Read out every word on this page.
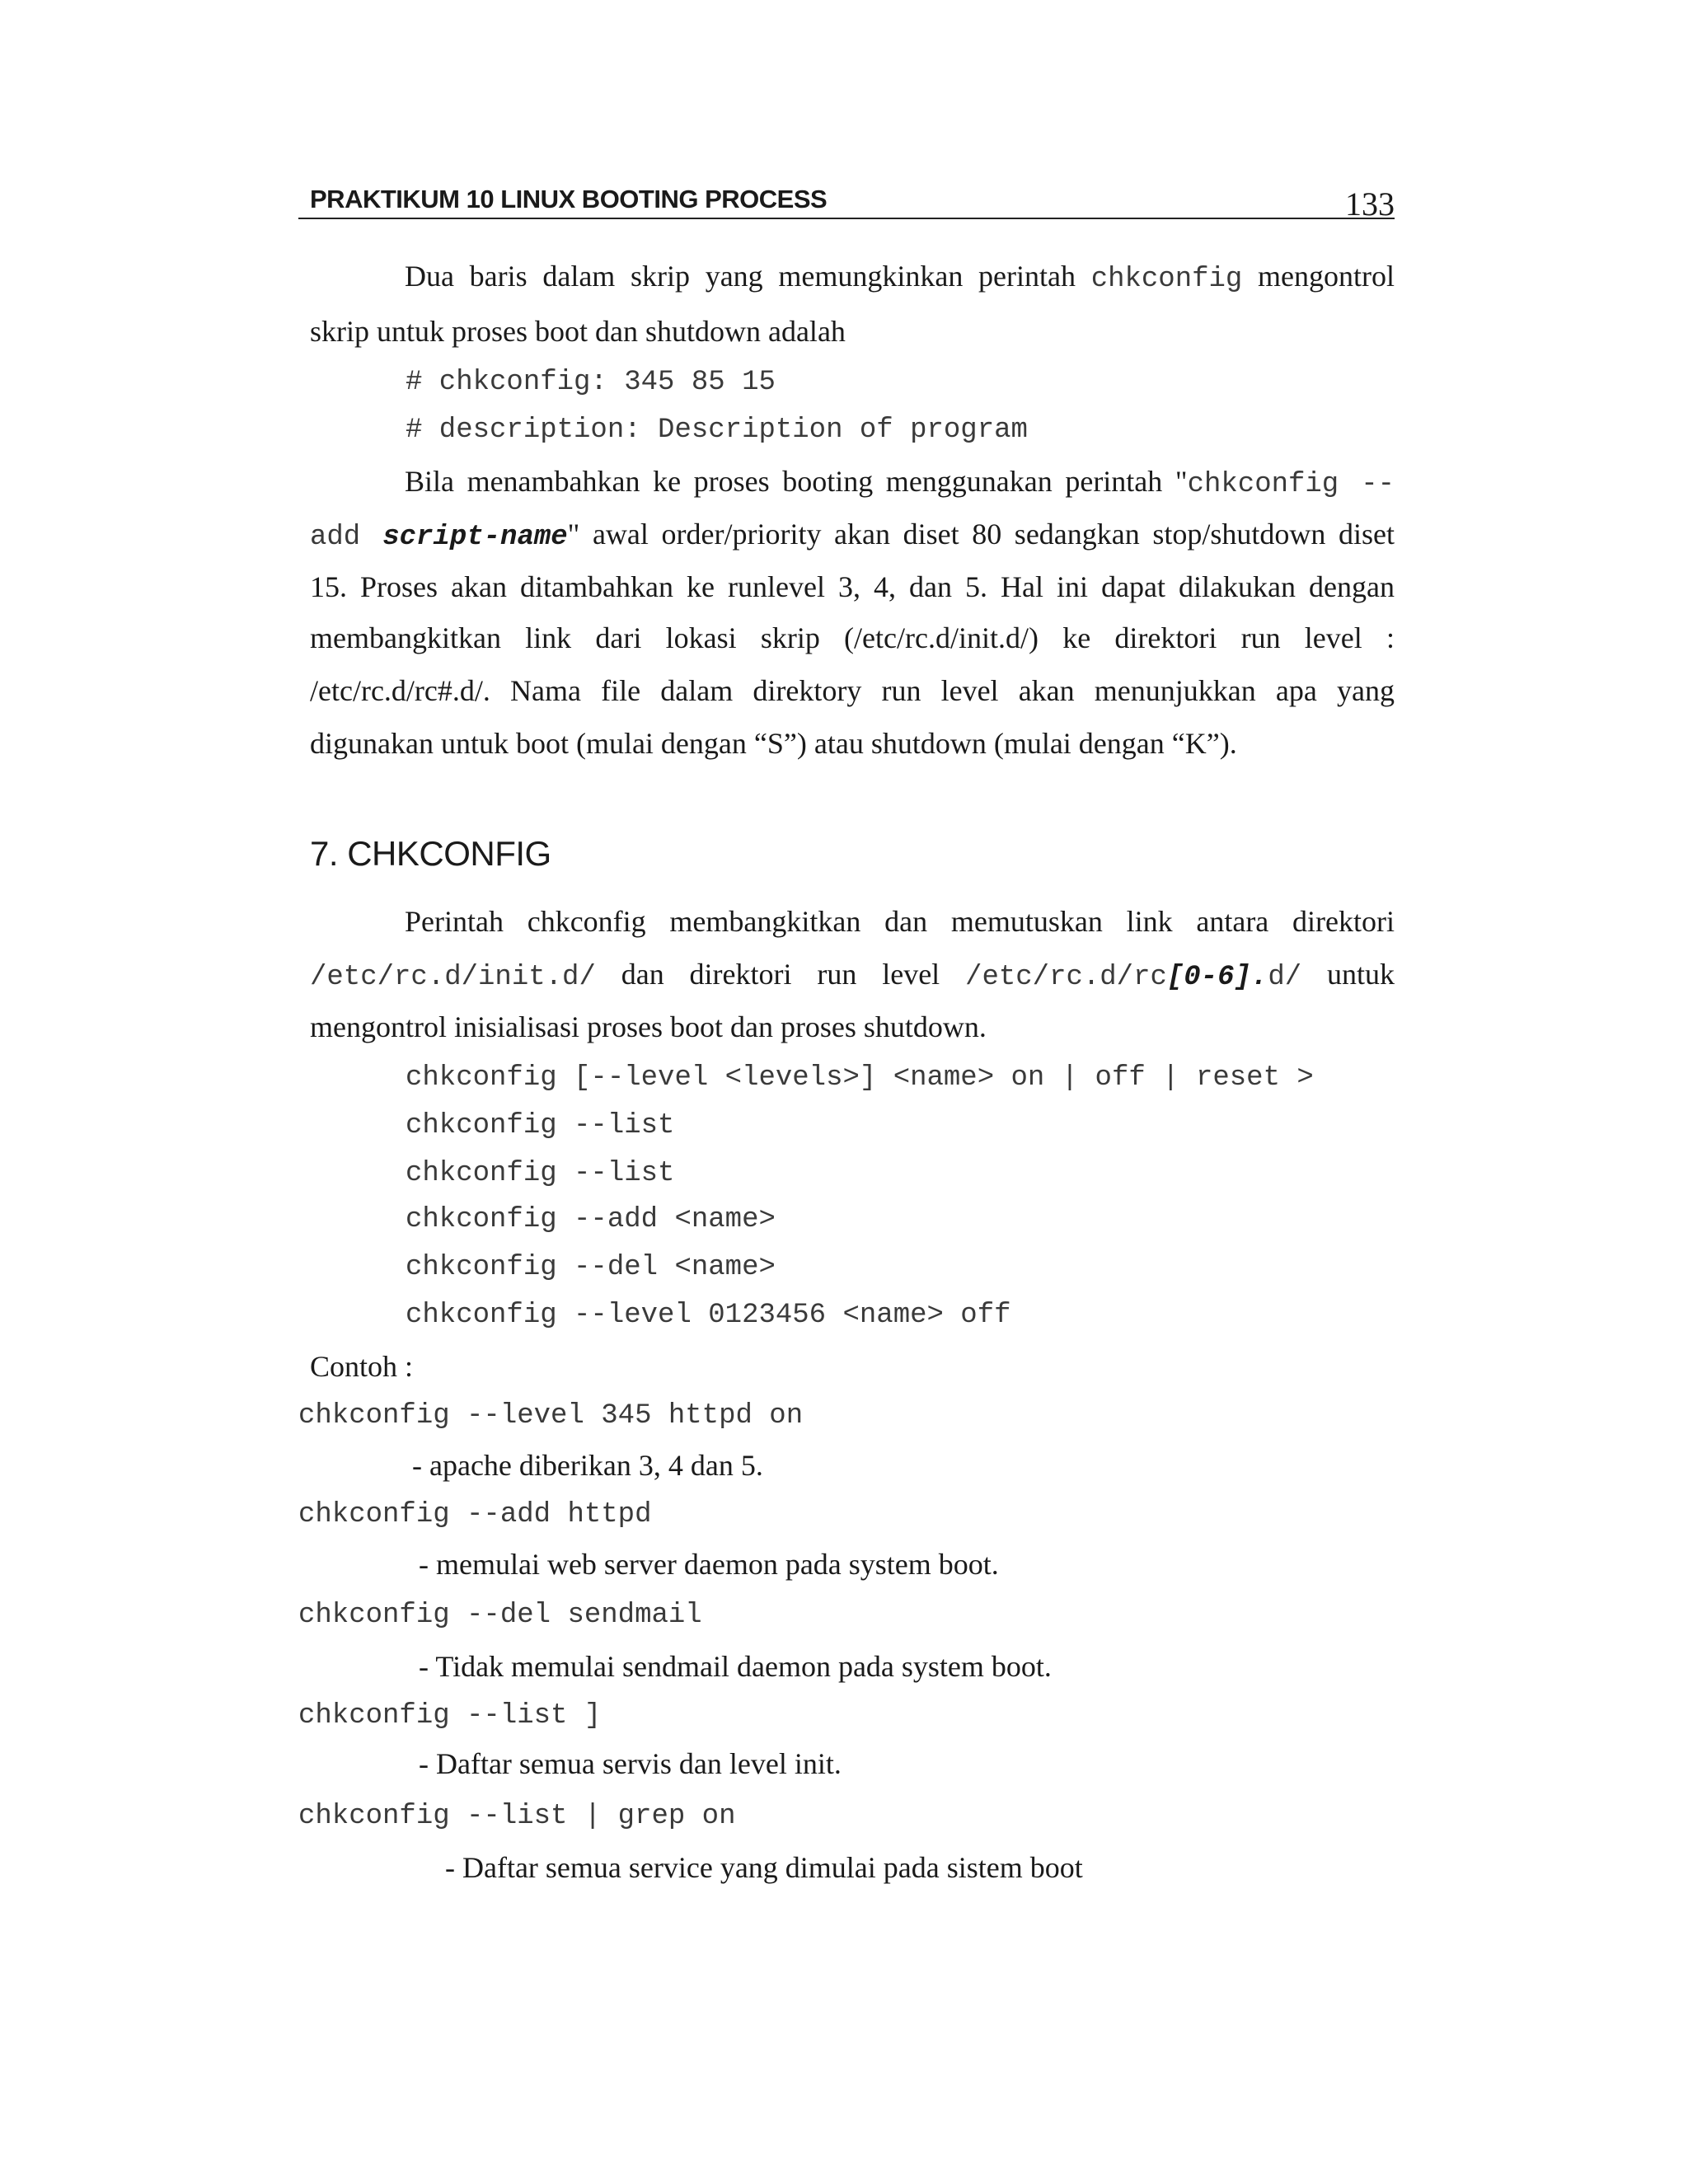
PRAKTIKUM 10 LINUX BOOTING PROCESS	133
Dua baris dalam skrip yang memungkinkan perintah chkconfig mengontrol
skrip untuk proses boot dan shutdown adalah
# chkconfig: 345 85 15
# description: Description of program
Bila menambahkan ke proses booting menggunakan perintah "chkconfig --
add script-name" awal order/priority akan diset 80 sedangkan stop/shutdown diset
15. Proses akan ditambahkan ke runlevel 3, 4, dan 5. Hal ini dapat dilakukan dengan
membangkitkan link dari lokasi skrip (/etc/rc.d/init.d/) ke direktori run level :
/etc/rc.d/rc#.d/. Nama file dalam direktory run level akan menunjukkan apa yang
digunakan untuk boot (mulai dengan “S”) atau shutdown (mulai dengan “K”).
7. CHKCONFIG
Perintah chkconfig membangkitkan dan memutuskan link antara direktori
/etc/rc.d/init.d/ dan direktori run level /etc/rc.d/rc[0-6].d/ untuk
mengontrol inisialisasi proses boot dan proses shutdown.
chkconfig [--level <levels>] <name> on | off | reset >
chkconfig --list
chkconfig --list
chkconfig --add <name>
chkconfig --del <name>
chkconfig --level 0123456 <name> off
Contoh :
chkconfig --level 345 httpd on
- apache diberikan 3, 4 dan 5.
chkconfig --add httpd
- memulai web server daemon pada system boot.
chkconfig --del sendmail
- Tidak memulai sendmail daemon pada system boot.
chkconfig --list ]
- Daftar semua servis dan level init.
chkconfig --list | grep on
- Daftar semua service yang dimulai pada sistem boot
